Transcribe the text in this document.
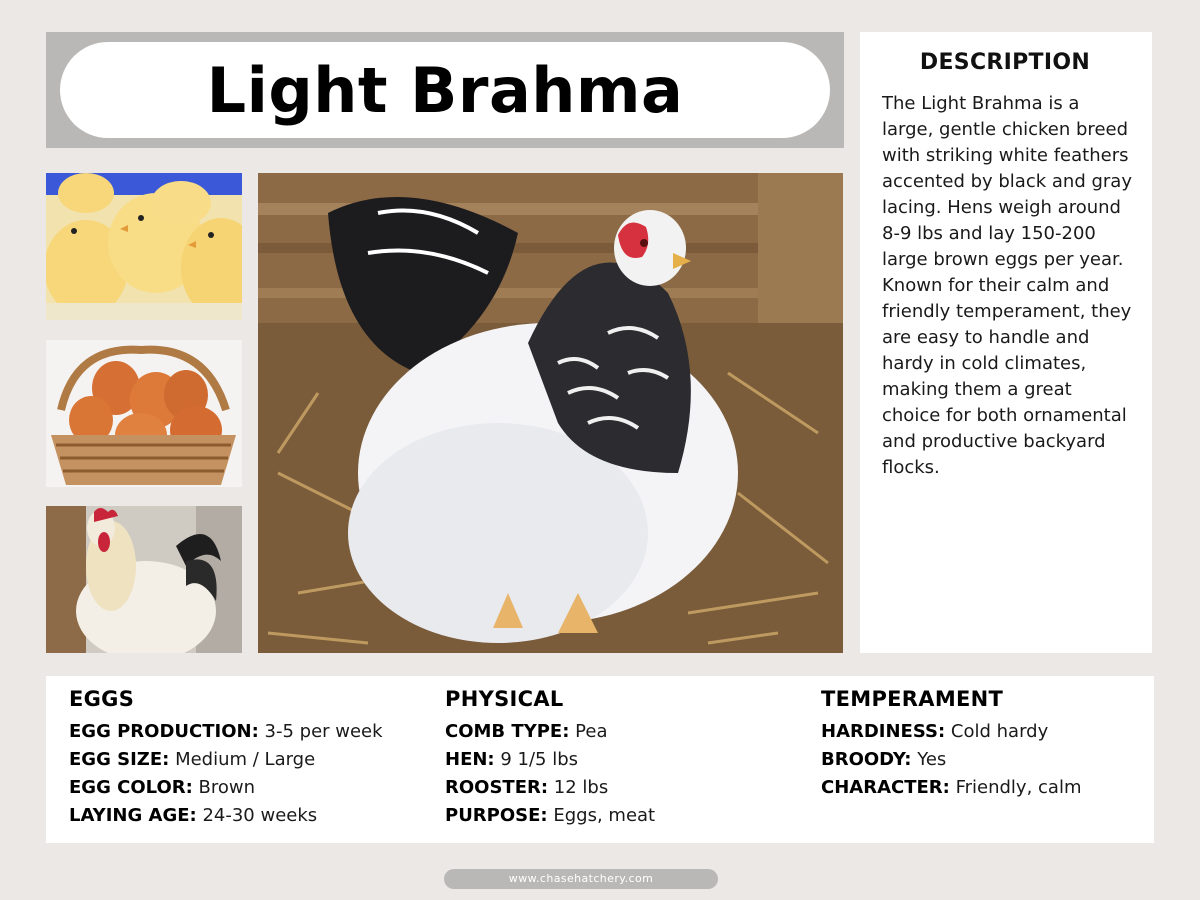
Light Brahma	DESCRIPTION
The Light Brahma is a large, gentle chicken breed with striking white feathers accented by black and gray lacing. Hens weigh around 8-9 lbs and lay 150-200 large brown eggs per year. Known for their calm and friendly temperament, they are easy to handle and hardy in cold climates, making them a great choice for both ornamental and productive backyard flocks.
EGGS
EGG PRODUCTION: 3-5 per week
EGG SIZE: Medium / Large
EGG COLOR: Brown
LAYING AGE: 24-30 weeks
PHYSICAL
COMB TYPE: Pea
HEN: 9 1/5 lbs
ROOSTER: 12 lbs
PURPOSE: Eggs, meat
TEMPERAMENT
HARDINESS: Cold hardy
BROODY: Yes
CHARACTER: Friendly, calm
www.chasehatchery.com
